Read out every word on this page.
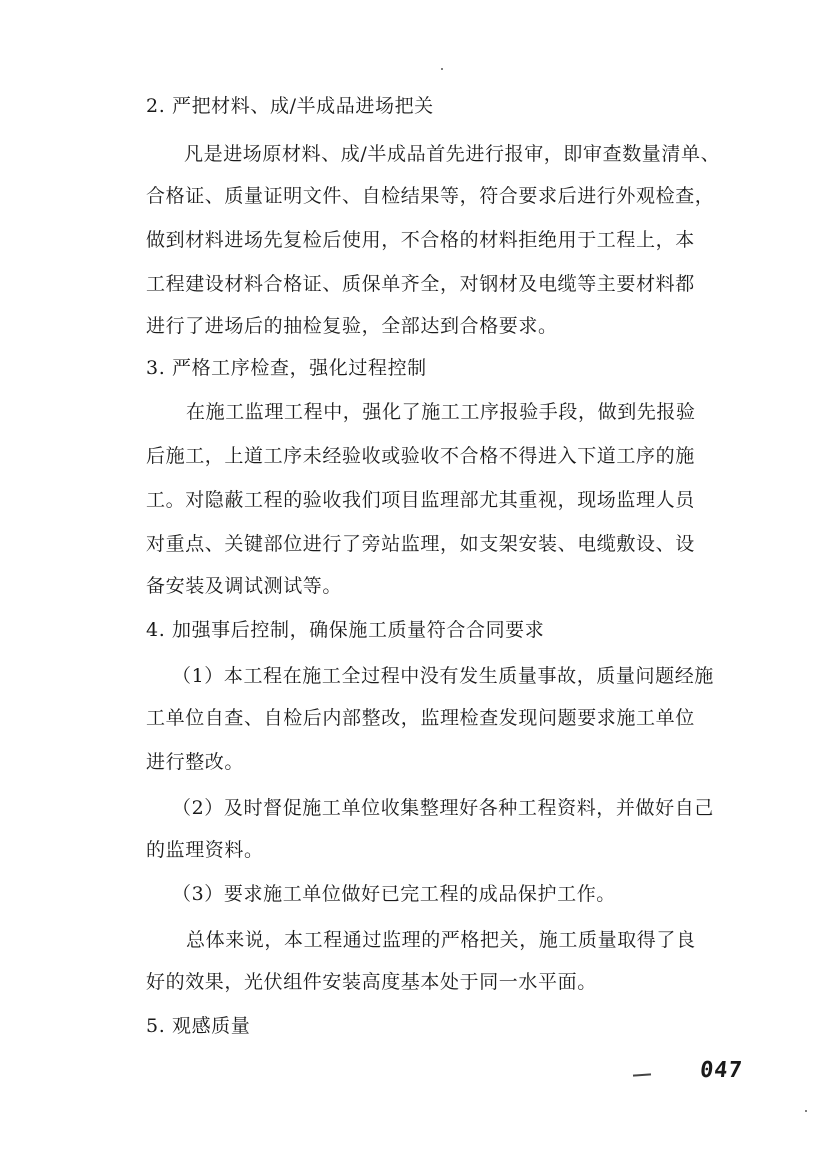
2. 严把材料、成/半成品进场把关
凡是进场原材料、成/半成品首先进行报审，即审查数量清单、
合格证、质量证明文件、自检结果等，符合要求后进行外观检查，
做到材料进场先复检后使用，不合格的材料拒绝用于工程上，本
工程建设材料合格证、质保单齐全，对钢材及电缆等主要材料都
进行了进场后的抽检复验，全部达到合格要求。
3. 严格工序检查，强化过程控制
在施工监理工程中，强化了施工工序报验手段，做到先报验
后施工，上道工序未经验收或验收不合格不得进入下道工序的施
工。对隐蔽工程的验收我们项目监理部尤其重视，现场监理人员
对重点、关键部位进行了旁站监理，如支架安装、电缆敷设、设
备安装及调试测试等。
4. 加强事后控制，确保施工质量符合合同要求
（1）本工程在施工全过程中没有发生质量事故，质量问题经施
工单位自查、自检后内部整改，监理检查发现问题要求施工单位
进行整改。
（2）及时督促施工单位收集整理好各种工程资料，并做好自己
的监理资料。
（3）要求施工单位做好已完工程的成品保护工作。
总体来说，本工程通过监理的严格把关，施工质量取得了良
好的效果，光伏组件安装高度基本处于同一水平面。
5. 观感质量
047
